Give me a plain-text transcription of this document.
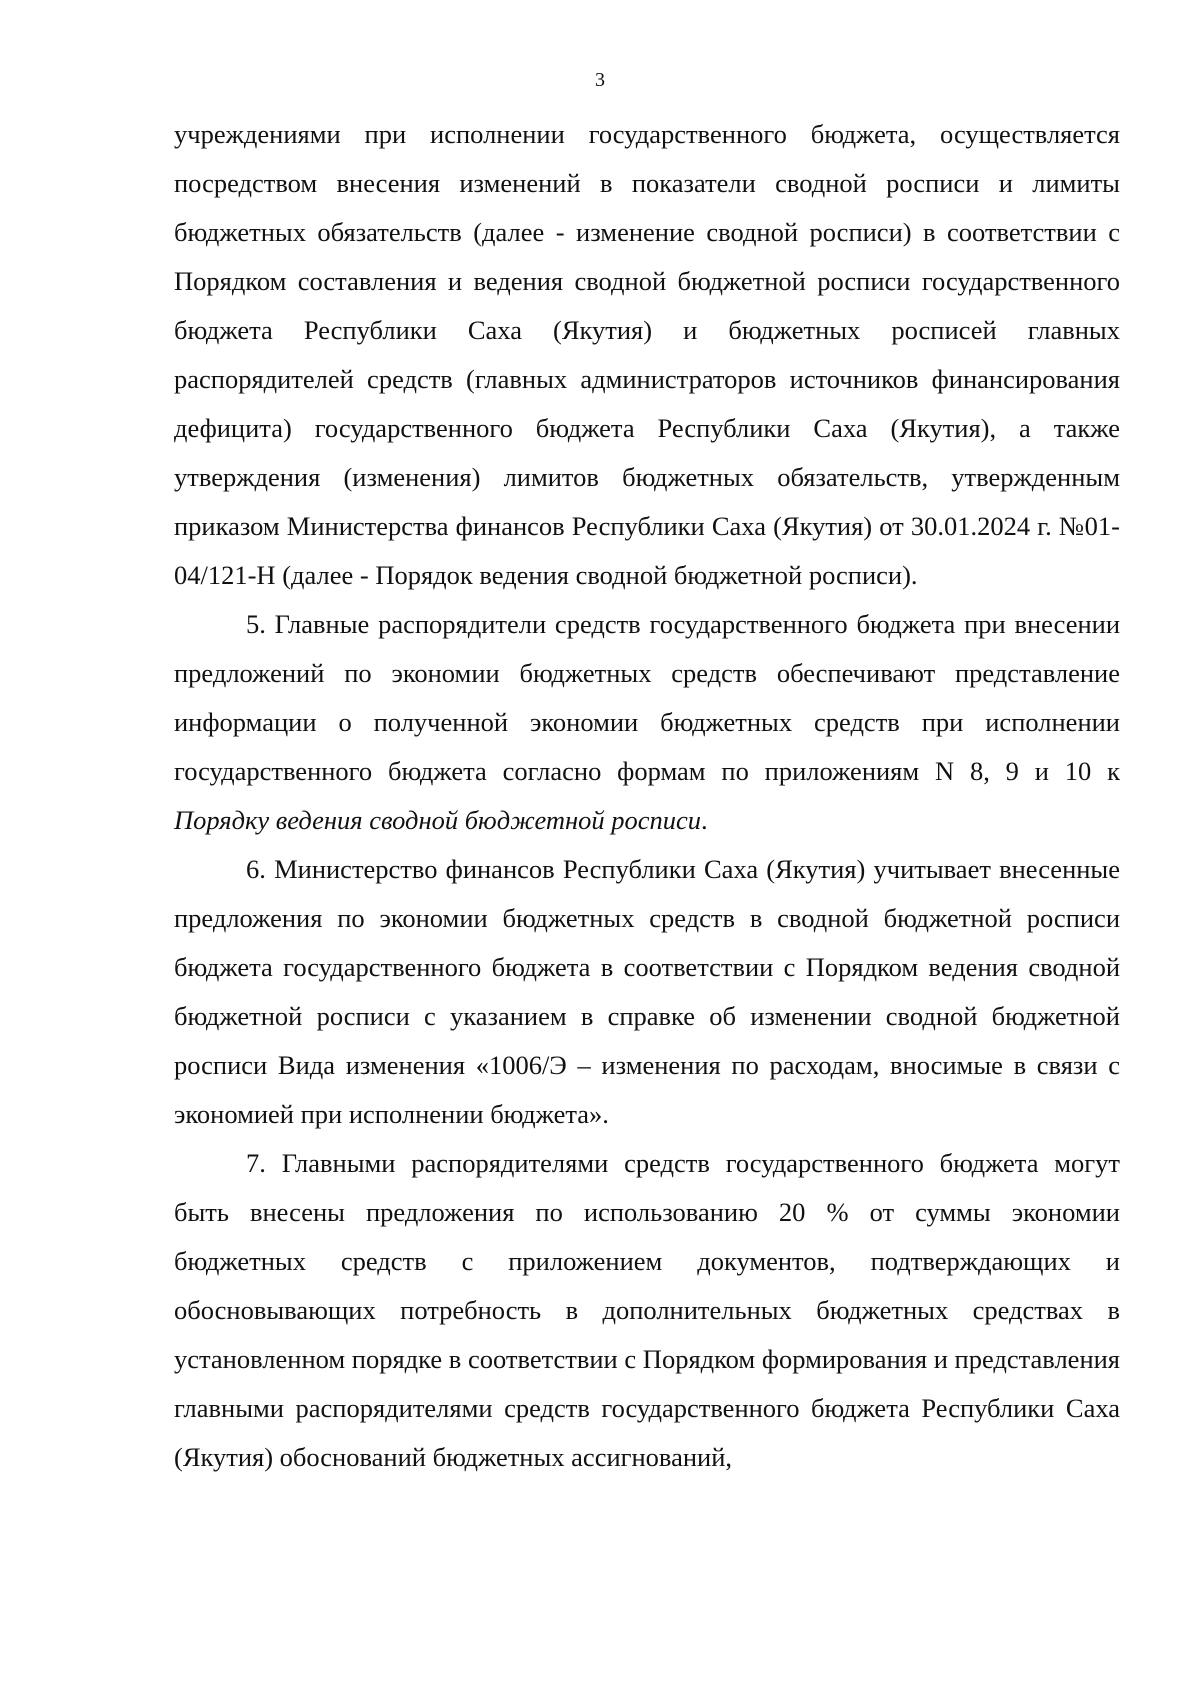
3

учреждениями при исполнении государственного бюджета, осуществляется посредством внесения изменений в показатели сводной росписи и лимиты бюджетных обязательств (далее - изменение сводной росписи) в соответствии с Порядком составления и ведения сводной бюджетной росписи государственного бюджета Республики Саха (Якутия) и бюджетных росписей главных распорядителей средств (главных администраторов источников финансирования дефицита) государственного бюджета Республики Саха (Якутия), а также утверждения (изменения) лимитов бюджетных обязательств, утвержденным приказом Министерства финансов Республики Саха (Якутия) от 30.01.2024 г. №01-04/121-Н (далее - Порядок ведения сводной бюджетной росписи).

5. Главные распорядители средств государственного бюджета при внесении предложений по экономии бюджетных средств обеспечивают представление информации о полученной экономии бюджетных средств при исполнении государственного бюджета согласно формам по приложениям N 8, 9 и 10 к Порядку ведения сводной бюджетной росписи.

6. Министерство финансов Республики Саха (Якутия) учитывает внесенные предложения по экономии бюджетных средств в сводной бюджетной росписи бюджета государственного бюджета в соответствии с Порядком ведения сводной бюджетной росписи с указанием в справке об изменении сводной бюджетной росписи Вида изменения «1006/Э – изменения по расходам, вносимые в связи с экономией при исполнении бюджета».

7. Главными распорядителями средств государственного бюджета могут быть внесены предложения по использованию 20 % от суммы экономии бюджетных средств с приложением документов, подтверждающих и обосновывающих потребность в дополнительных бюджетных средствах в установленном порядке в соответствии с Порядком формирования и представления главными распорядителями средств государственного бюджета Республики Саха (Якутия) обоснований бюджетных ассигнований,
